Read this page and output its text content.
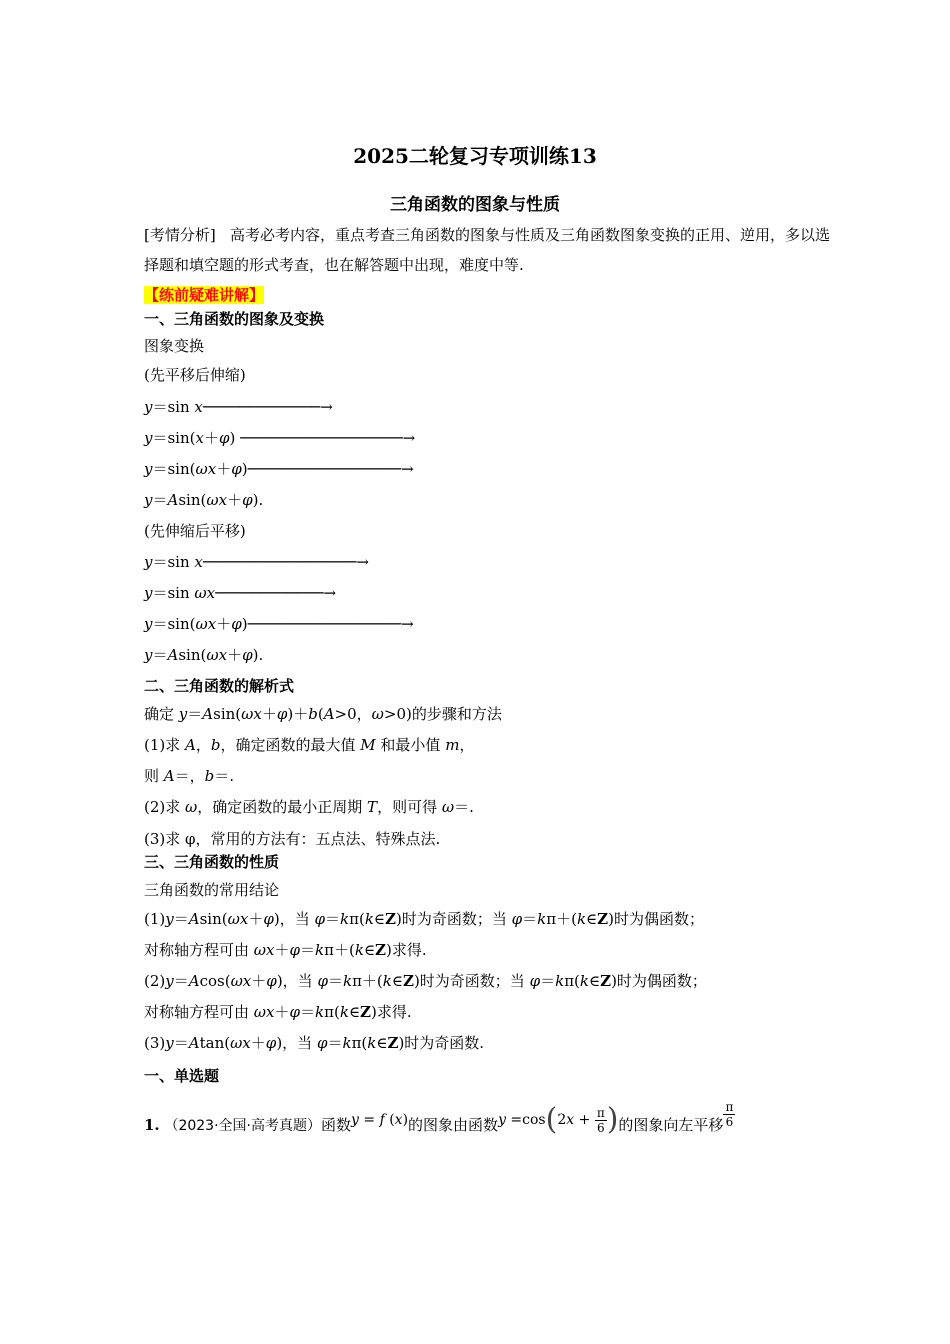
2025二轮复习专项训练13
三角函数的图象与性质
[考情分析] 高考必考内容，重点考查三角函数的图象与性质及三角函数图象变换的正用、逆用，多以选择题和填空题的形式考查，也在解答题中出现，难度中等.
【练前疑难讲解】
一、三角函数的图象及变换
图象变换
(先平移后伸缩)
y＝sin x─────────────→
y＝sin(x＋φ) ──────────────────→
y＝sin(ωx＋φ)─────────────────→
y＝Asin(ωx＋φ).
(先伸缩后平移)
y＝sin x─────────────────→
y＝sin ωx────────────→
y＝sin(ωx＋φ)─────────────────→
y＝Asin(ωx＋φ).
二、三角函数的解析式
确定 y＝Asin(ωx＋φ)＋b(A>0，ω>0)的步骤和方法
(1)求 A，b，确定函数的最大值 M 和最小值 m，
则 A＝，b＝.
(2)求 ω，确定函数的最小正周期 T，则可得 ω＝.
(3)求 φ，常用的方法有：五点法、特殊点法.
三、三角函数的性质
三角函数的常用结论
(1)y＝Asin(ωx＋φ)，当 φ＝kπ(k∈Z)时为奇函数；当 φ＝kπ＋(k∈Z)时为偶函数；
对称轴方程可由 ωx＋φ＝kπ＋(k∈Z)求得.
(2)y＝Acos(ωx＋φ)，当 φ＝kπ＋(k∈Z)时为奇函数；当 φ＝kπ(k∈Z)时为偶函数；
对称轴方程可由 ωx＋φ＝kπ(k∈Z)求得.
(3)y＝Atan(ωx＋φ)，当 φ＝kπ(k∈Z)时为奇函数.
一、单选题
1. （2023·全国·高考真题）函数y = f (x)的图象由函数$y =\cos(2x + \frac{\pi}{6}$ )的图象向左平移 $\frac{\pi}{6}$
